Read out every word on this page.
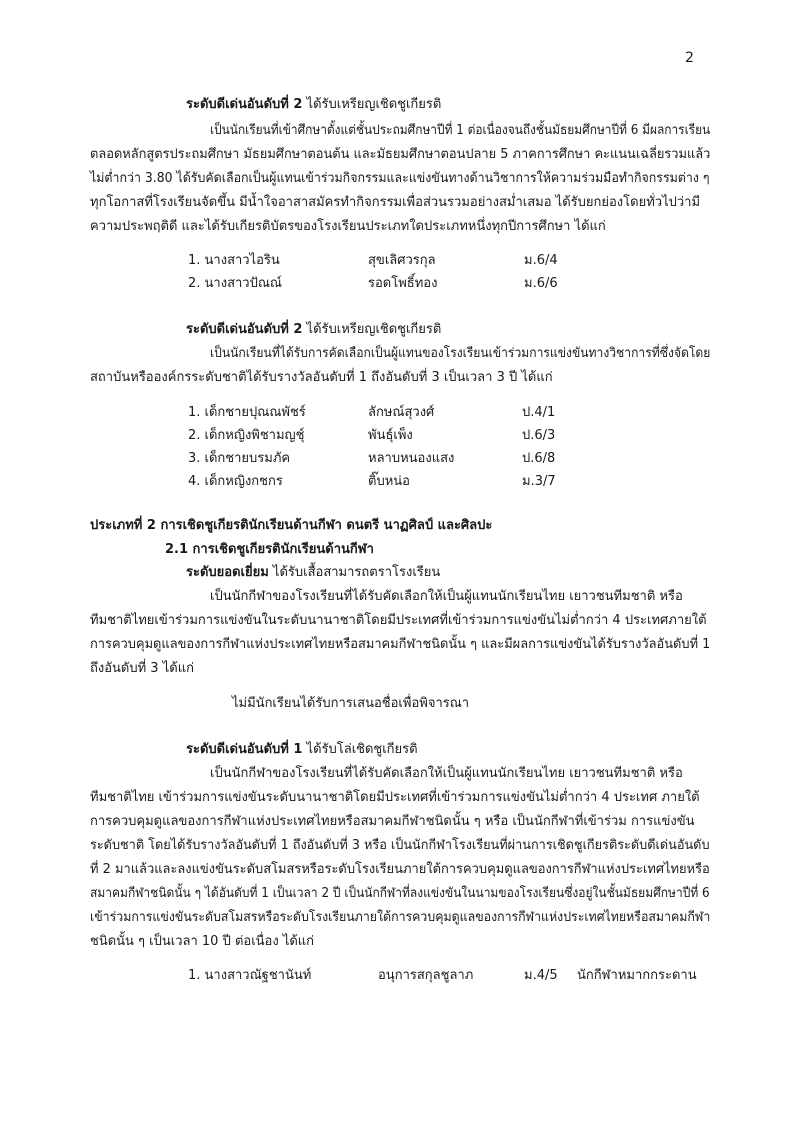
2
ระดับดีเด่นอันดับที่ 2 ได้รับเหรียญเชิดชูเกียรติ
เป็นนักเรียนที่เข้าศึกษาตั้งแต่ชั้นประถมศึกษาปีที่ 1 ต่อเนื่องจนถึงชั้นมัธยมศึกษาปีที่ 6 มีผลการเรียน
ตลอดหลักสูตรประถมศึกษา มัธยมศึกษาตอนต้น และมัธยมศึกษาตอนปลาย 5 ภาคการศึกษา คะแนนเฉลี่ยรวมแล้ว
ไม่ต่ำกว่า 3.80 ได้รับคัดเลือกเป็นผู้แทนเข้าร่วมกิจกรรมและแข่งขันทางด้านวิชาการให้ความร่วมมือทำกิจกรรมต่าง ๆ
ทุกโอกาสที่โรงเรียนจัดขึ้น มีน้ำใจอาสาสมัครทำกิจกรรมเพื่อส่วนรวมอย่างสม่ำเสมอ ได้รับยกย่องโดยทั่วไปว่ามี
ความประพฤติดี และได้รับเกียรติบัตรของโรงเรียนประเภทใดประเภทหนึ่งทุกปีการศึกษา ได้แก่
1. นางสาวไอริน	สุขเลิศวรกุล	ม.6/4
2. นางสาวปัณณ์	รอดโพธิ์ทอง	ม.6/6
ระดับดีเด่นอันดับที่ 2 ได้รับเหรียญเชิดชูเกียรติ
เป็นนักเรียนที่ได้รับการคัดเลือกเป็นผู้แทนของโรงเรียนเข้าร่วมการแข่งขันทางวิชาการที่ซึ่งจัดโดย
สถาบันหรือองค์กรระดับชาติได้รับรางวัลอันดับที่ 1 ถึงอันดับที่ 3 เป็นเวลา 3 ปี ได้แก่
1. เด็กชายปุณณพัชร์	ลักษณ์สุวงศ์	ป.4/1
2. เด็กหญิงพิชามญชุ์	พันธุ์เพ็ง	ป.6/3
3. เด็กชายบรมภัค	หลาบหนองแสง	ป.6/8
4. เด็กหญิงกชกร	ติ๊บหน่อ	ม.3/7
ประเภทที่ 2 การเชิดชูเกียรตินักเรียนด้านกีฬา ดนตรี นาฏศิลป์ และศิลปะ
2.1 การเชิดชูเกียรตินักเรียนด้านกีฬา
ระดับยอดเยี่ยม ได้รับเสื้อสามารถตราโรงเรียน
เป็นนักกีฬาของโรงเรียนที่ได้รับคัดเลือกให้เป็นผู้แทนนักเรียนไทย เยาวชนทีมชาติ หรือ
ทีมชาติไทยเข้าร่วมการแข่งขันในระดับนานาชาติโดยมีประเทศที่เข้าร่วมการแข่งขันไม่ต่ำกว่า 4 ประเทศภายใต้
การควบคุมดูแลของการกีฬาแห่งประเทศไทยหรือสมาคมกีฬาชนิดนั้น ๆ และมีผลการแข่งขันได้รับรางวัลอันดับที่ 1
ถึงอันดับที่ 3 ได้แก่
ไม่มีนักเรียนได้รับการเสนอชื่อเพื่อพิจารณา
ระดับดีเด่นอันดับที่ 1 ได้รับโล่เชิดชูเกียรติ
เป็นนักกีฬาของโรงเรียนที่ได้รับคัดเลือกให้เป็นผู้แทนนักเรียนไทย เยาวชนทีมชาติ หรือ
ทีมชาติไทย เข้าร่วมการแข่งขันระดับนานาชาติโดยมีประเทศที่เข้าร่วมการแข่งขันไม่ต่ำกว่า 4 ประเทศ ภายใต้
การควบคุมดูแลของการกีฬาแห่งประเทศไทยหรือสมาคมกีฬาชนิดนั้น ๆ หรือ เป็นนักกีฬาที่เข้าร่วม การแข่งขัน
ระดับชาติ โดยได้รับรางวัลอันดับที่ 1 ถึงอันดับที่ 3 หรือ เป็นนักกีฬาโรงเรียนที่ผ่านการเชิดชูเกียรติระดับดีเด่นอันดับ
ที่ 2 มาแล้วและลงแข่งขันระดับสโมสรหรือระดับโรงเรียนภายใต้การควบคุมดูแลของการกีฬาแห่งประเทศไทยหรือ
สมาคมกีฬาชนิดนั้น ๆ ได้อันดับที่ 1 เป็นเวลา 2 ปี เป็นนักกีฬาที่ลงแข่งขันในนามของโรงเรียนซึ่งอยู่ในชั้นมัธยมศึกษาปีที่ 6
เข้าร่วมการแข่งขันระดับสโมสรหรือระดับโรงเรียนภายใต้การควบคุมดูแลของการกีฬาแห่งประเทศไทยหรือสมาคมกีฬา
ชนิดนั้น ๆ เป็นเวลา 10 ปี ต่อเนื่อง ได้แก่
1. นางสาวณัฐชานันท์	อนุการสกุลชูลาภ	ม.4/5 นักกีฬาหมากกระดาน
